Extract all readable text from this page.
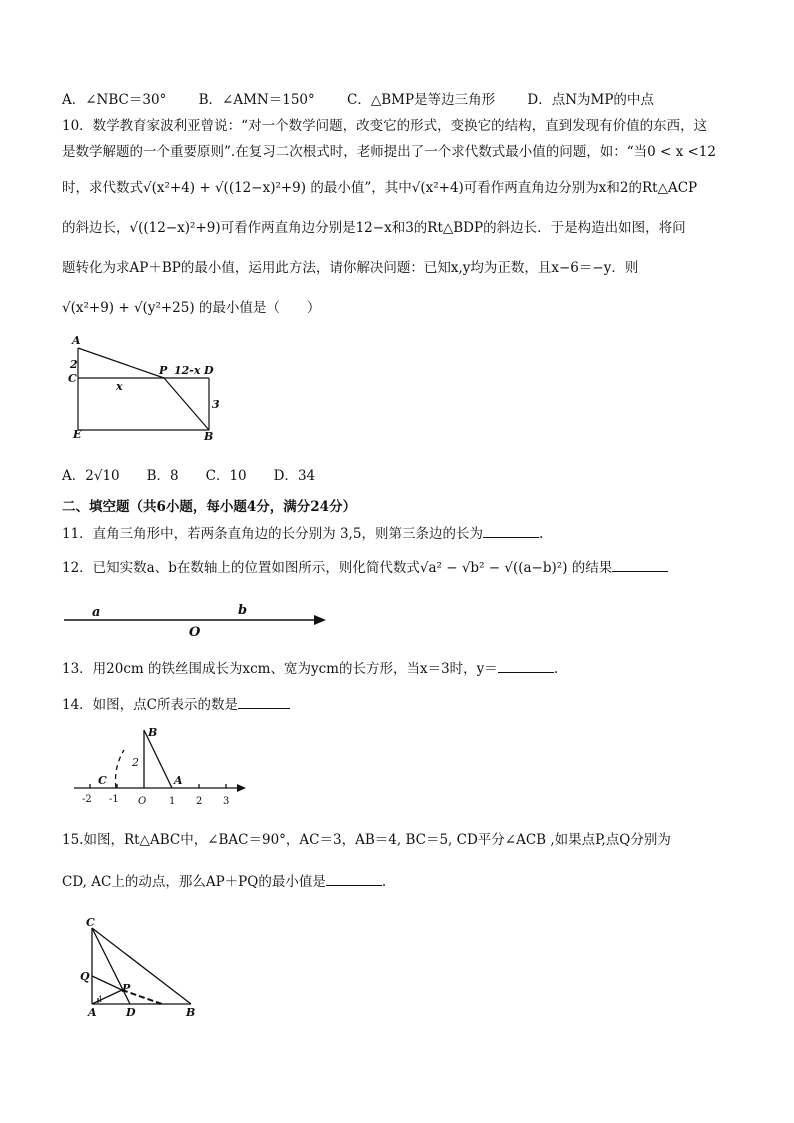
A．∠NBC＝30° B．∠AMN＝150° C．△BMP是等边三角形 D．点N为MP的中点
10．数学教育家波利亚曾说：“对一个数学问题，改变它的形式，变换它的结构，直到发现有价值的东西，这
是数学解题的一个重要原则”.在复习二次根式时，老师提出了一个求代数式最小值的问题，如：“当0 < x <12
时，求代数式√(x²+4) + √((12−x)²+9) 的最小值”，其中√(x²+4)可看作两直角边分别为x和2的Rt△ACP
的斜边长，√((12−x)²+9)可看作两直角边分别是12−x和3的Rt△BDP的斜边长．于是构造出如图，将问
题转化为求AP＋BP的最小值，运用此方法，请你解决问题：已知x,y均为正数，且x−6＝−y．则
√(x²+9) + √(y²+25) 的最小值是（　　）
A
C
E
P	D
B
2
3
x
12-x
A．2√10　　B．8　　C．10　　D．34
二、填空题（共6小题，每小题4分，满分24分）
11．直角三角形中，若两条直角边的长分别为 3,5，则第三条边的长为	.
12．已知实数a、b在数轴上的位置如图所示，则化简代数式√a² − √b² − √((a−b)²) 的结果
a	b
O
13．用20cm 的铁丝围成长为xcm、宽为ycm的长方形，当x＝3时，y＝	.
14．如图，点C所表示的数是
B
A
C
2
-2 -1 O 1 2 3
15.如图，Rt△ABC中，∠BAC＝90°，AC＝3，AB＝4, BC＝5, CD平分∠ACB ,如果点P,点Q分别为
CD, AC上的动点，那么AP＋PQ的最小值是	.
C
Q
P
A	D	B
1
